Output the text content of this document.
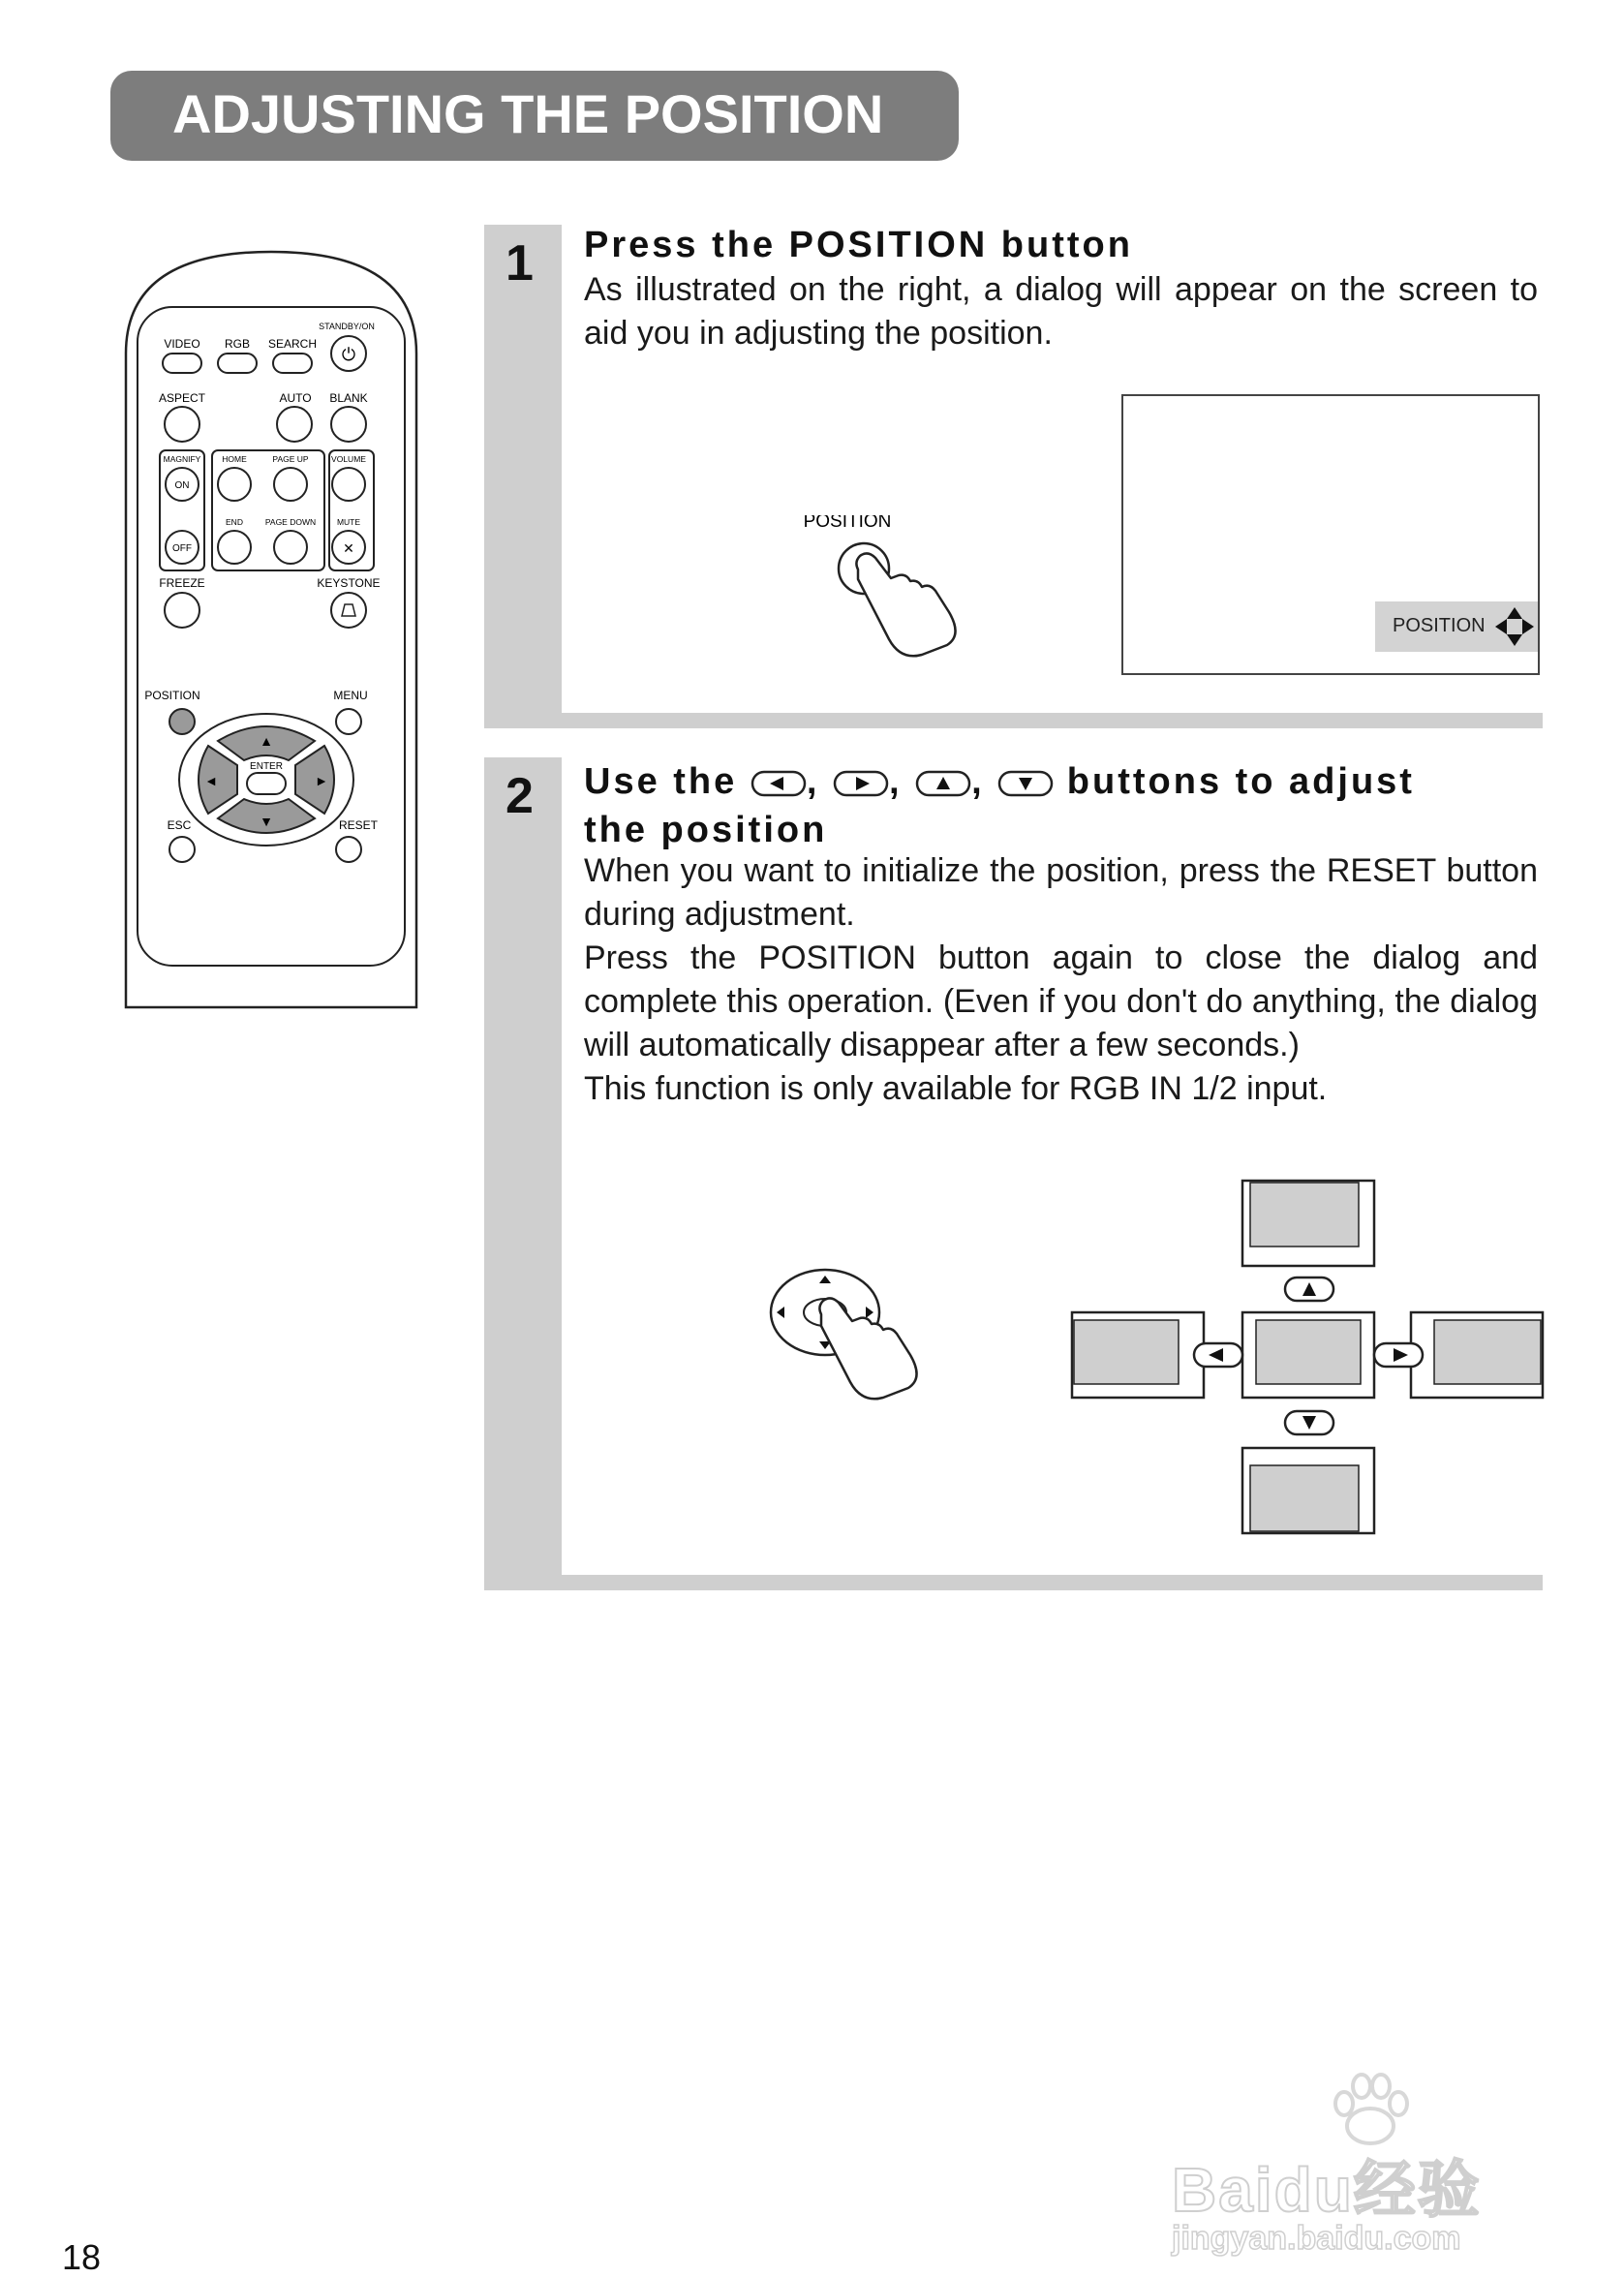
ADJUSTING THE POSITION
STANDBY/ON
⏻
VIDEO RGB SEARCH
ASPECT	AUTO BLANK
MAGNIFY
ON
HOME	PAGE UP	VOLUME
OFF
END	PAGE DOWN	MUTE
✕
FREEZE	KEYSTONE
POSITION	MENU
▲
▼
◄	►
ENTER
ESC	RESET
1 Press the POSITION button
As illustrated on the right, a dialog will appear on the screen to aid you in adjusting the position.
POSITION
POSITION
2 Use the , , , buttons to adjust
the position

When you want to initialize the position, press the RESET button during adjustment.

Press the POSITION button again to close the dialog and complete this operation. (Even if you don't do anything, the dialog will automatically disappear after a few seconds.)

This function is only available for RGB IN 1/2 input.

18
Baidu经验
jingyan.baidu.com
